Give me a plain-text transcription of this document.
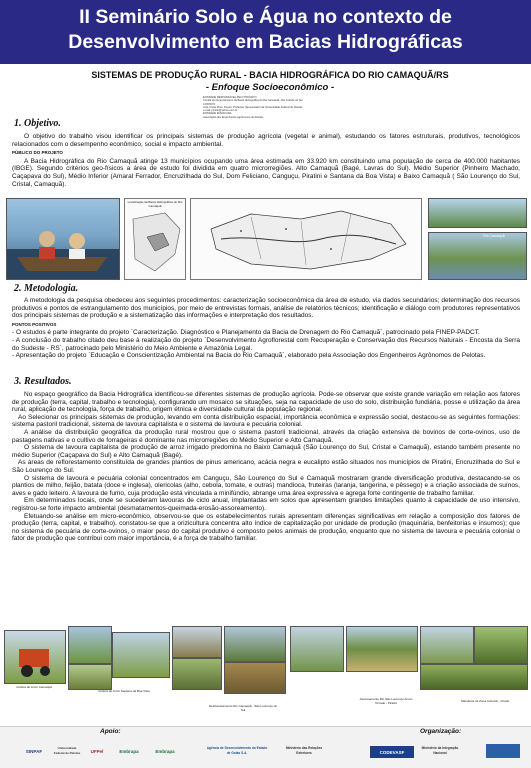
II Seminário Solo e Água no contexto de
Desenvolvimento em Bacias Hidrográficas
SISTEMAS DE PRODUÇÃO RURAL - BACIA HIDROGRÁFICA DO RIO CAMAQUÃ/RS
- Enfoque Socioeconômico -
ENTIDADE RESPONSÁVEL PELO PROJETO
Comitê de Gerenciamento da Bacia Hidrográfica do Rio Camaquã - Rio Grande do Sul
CONTATO
José Costa Pinto, Doutor, Professor (Aposentado) da Universidade Federal de Pelotas
e-mail: jcpinto@yahoo.com.br
ENTIDADE ENVOLVIDA
Associação dos Engenheiros Agrônomos de Pelotas
1. Objetivo.
O objetivo do trabalho visou identificar os principais sistemas de produção agrícola (vegetal e animal), estudando os fatores estruturais, produtivos, tecnológicos relacionados com o desempenho econômico, social e impacto ambiental.
PÚBLICO DO PROJETO
A Bacia Hidrográfica do Rio Camaquã atinge 13 municípios ocupando uma área estimada em 33.920 km constituindo uma população de cerca de 400.000 habitantes (IBGE). Segundo critérios geo-físicos a área de estudo foi dividida em quatro microrregiões. Alto Camaquã (Bagé, Lavras do Sul). Médio Superior (Pinheiro Machado, Caçapava do Sul), Médio Inferior (Amaral Ferrador, Encruzilhada do Sul, Dom Feliciano, Canguçu, Piratini e Santana da Boa Vista) e Baixo Camaquã ( São Lourenço do Sul, Cristal, Camaquã).
Localização da Bacia Hidrográfica do Rio Camaquã
Rio Camaquã
2. Metodologia.
A metodologia da pesquisa obedeceu aos seguintes procedimentos: caracterização socioeconômica da área de estudo, via dados secundários; determinação dos recursos produtivos e pontos de estrangulamento dos municípios, por meio de entrevistas formais, análise de relatórios técnicos; identificação e diálogo com produtores representativos dos principais sistemas de produção e a sistematização das informações e interpretação dos resultados.
PONTOS POSITIVOS
- O estudos é parte integrante do projeto `Caracterização. Diagnóstico e Planejamento da Bacia de Drenagem do Rio Camaquã`, patrocinado pela FINEP-PADCT.
- A conclusão do trabalho citado deu base à realização do projeto `Desenvolvimento Agroflorestal com Recuperação e Conservação dos Recursos Naturais - Encosta da Serra do Sudeste - RS`, patrocinado pelo Ministério do Meio Ambiente e Amazônia Legal.
- Apresentação do projeto `Educação e Conscientização Ambiental na Bacia do Rio Camaquã`, elaborado pela Associação dos Engenheiros Agrônomos de Pelotas.
3. Resultados.
No espaço geográfico da Bacia Hidrográfica identificou-se diferentes sistemas de produção agrícola. Pode-se observar que existe grande variação em relação aos fatores de produção (terra, capital, trabalho e tecnologia), configurando um mosaico se situações, seja na capacidade de uso do solo, distribuição fundiária, posse e utilização da área rural, aplicação de tecnologia, força de trabalho, origem étnica e diversidade cultural da população regional.
Ao Selecionar os principais sistemas de produção, levando em conta distribuição espacial, importância econômica e expressão social, destacou-se as seguintes formações: sistema pastoril tradicional, sistema de lavoura capitalista e o sistema de lavoura e pecuária colonial.
A análise da distribuição geográfica da produção rural mostrou que o sistema pastoril tradicional, através da criação extensiva de bovinos de corte-ovinos, uso de pastagens nativas e o cultivo de forrageiras é dominante nas microrregiões do Médio Superior e Alto Camaquã.
O sistema de lavoura capitalista de produção de arroz irrigado predomina no Baixo Camaquã (São Lourenço do Sul, Cristal e Camaquã), estando também presente no médio Superior (Caçapava do Sul) e Alto Camaquã (Bagé).
As áreas de reflorestamento constituída de grandes plantios de pinus americano, acácia negra e eucalipto estão situados nos municípios de Piratini, Encruzilhada do Sul e São Lourenço do Sul.
O sistema de lavoura e pecuária colonial concentrados em Canguçu, São Lourenço do Sul e Camaquã mostraram grande diversificação produtiva, destacando-se os plantios de milho, feijão, batata (doce e inglesa), olericolas (alho, cebola, tomate, e outras) mandioca, fruteiras (laranja, tangerina, e pêssego) e a criação associada de suínos, aves e gado leiteiro. A lavoura de fumo, cuja produção está vinculada a minifúndio, abrange uma área expressiva e agrega forte contingente de trabalho familiar.
Em determinados locais, onde se sucederam lavouras de ciclo anual, implantadas em solos que apresentam grandes limitações quanto à capacidade de uso intensivo, registrou-se forte impacto ambiental (desmatamentos-queimada-erosão-assoreamento).
Efetuando-se análise em micro-econômico, observou-se que os estabelecimentos rurais apresentam diferenças significativas em relação a composição dos fatores de produção (terra, capital, e trabalho). constatou-se que a orizicultura concentra alto índice de capitalização por unidade de produção (maquinária, benfeitorias e insumos); que no sistema de pecuária de corte-ovinos, o maior peso do capital produtivo é composto pelos animais de produção, enquanto que no sistema de lavoura e pecuária colonial o fator de produção que contribui com maior importância, é a força de trabalho familiar.
Cultura de Arroz Camaquã
Cultura de Arroz Santana da Boa Vista
Desflorestamento Rio Camaquã - São Lourenço do Sul
Assoreamento Rio São Lourenço Arroio Torrado - Piratini	Mandioca na Zona Colonial - Cristal
Apoio:	Organização:
SINPAF
Universidade Federal de Pelotas	UFPel	Embrapa	Embrapa
Agência de Desenvolvimento do Estado de Goiás S.A.
Ministério das Relações Exteriores	CODEVASF
Ministério da Integração Nacional
